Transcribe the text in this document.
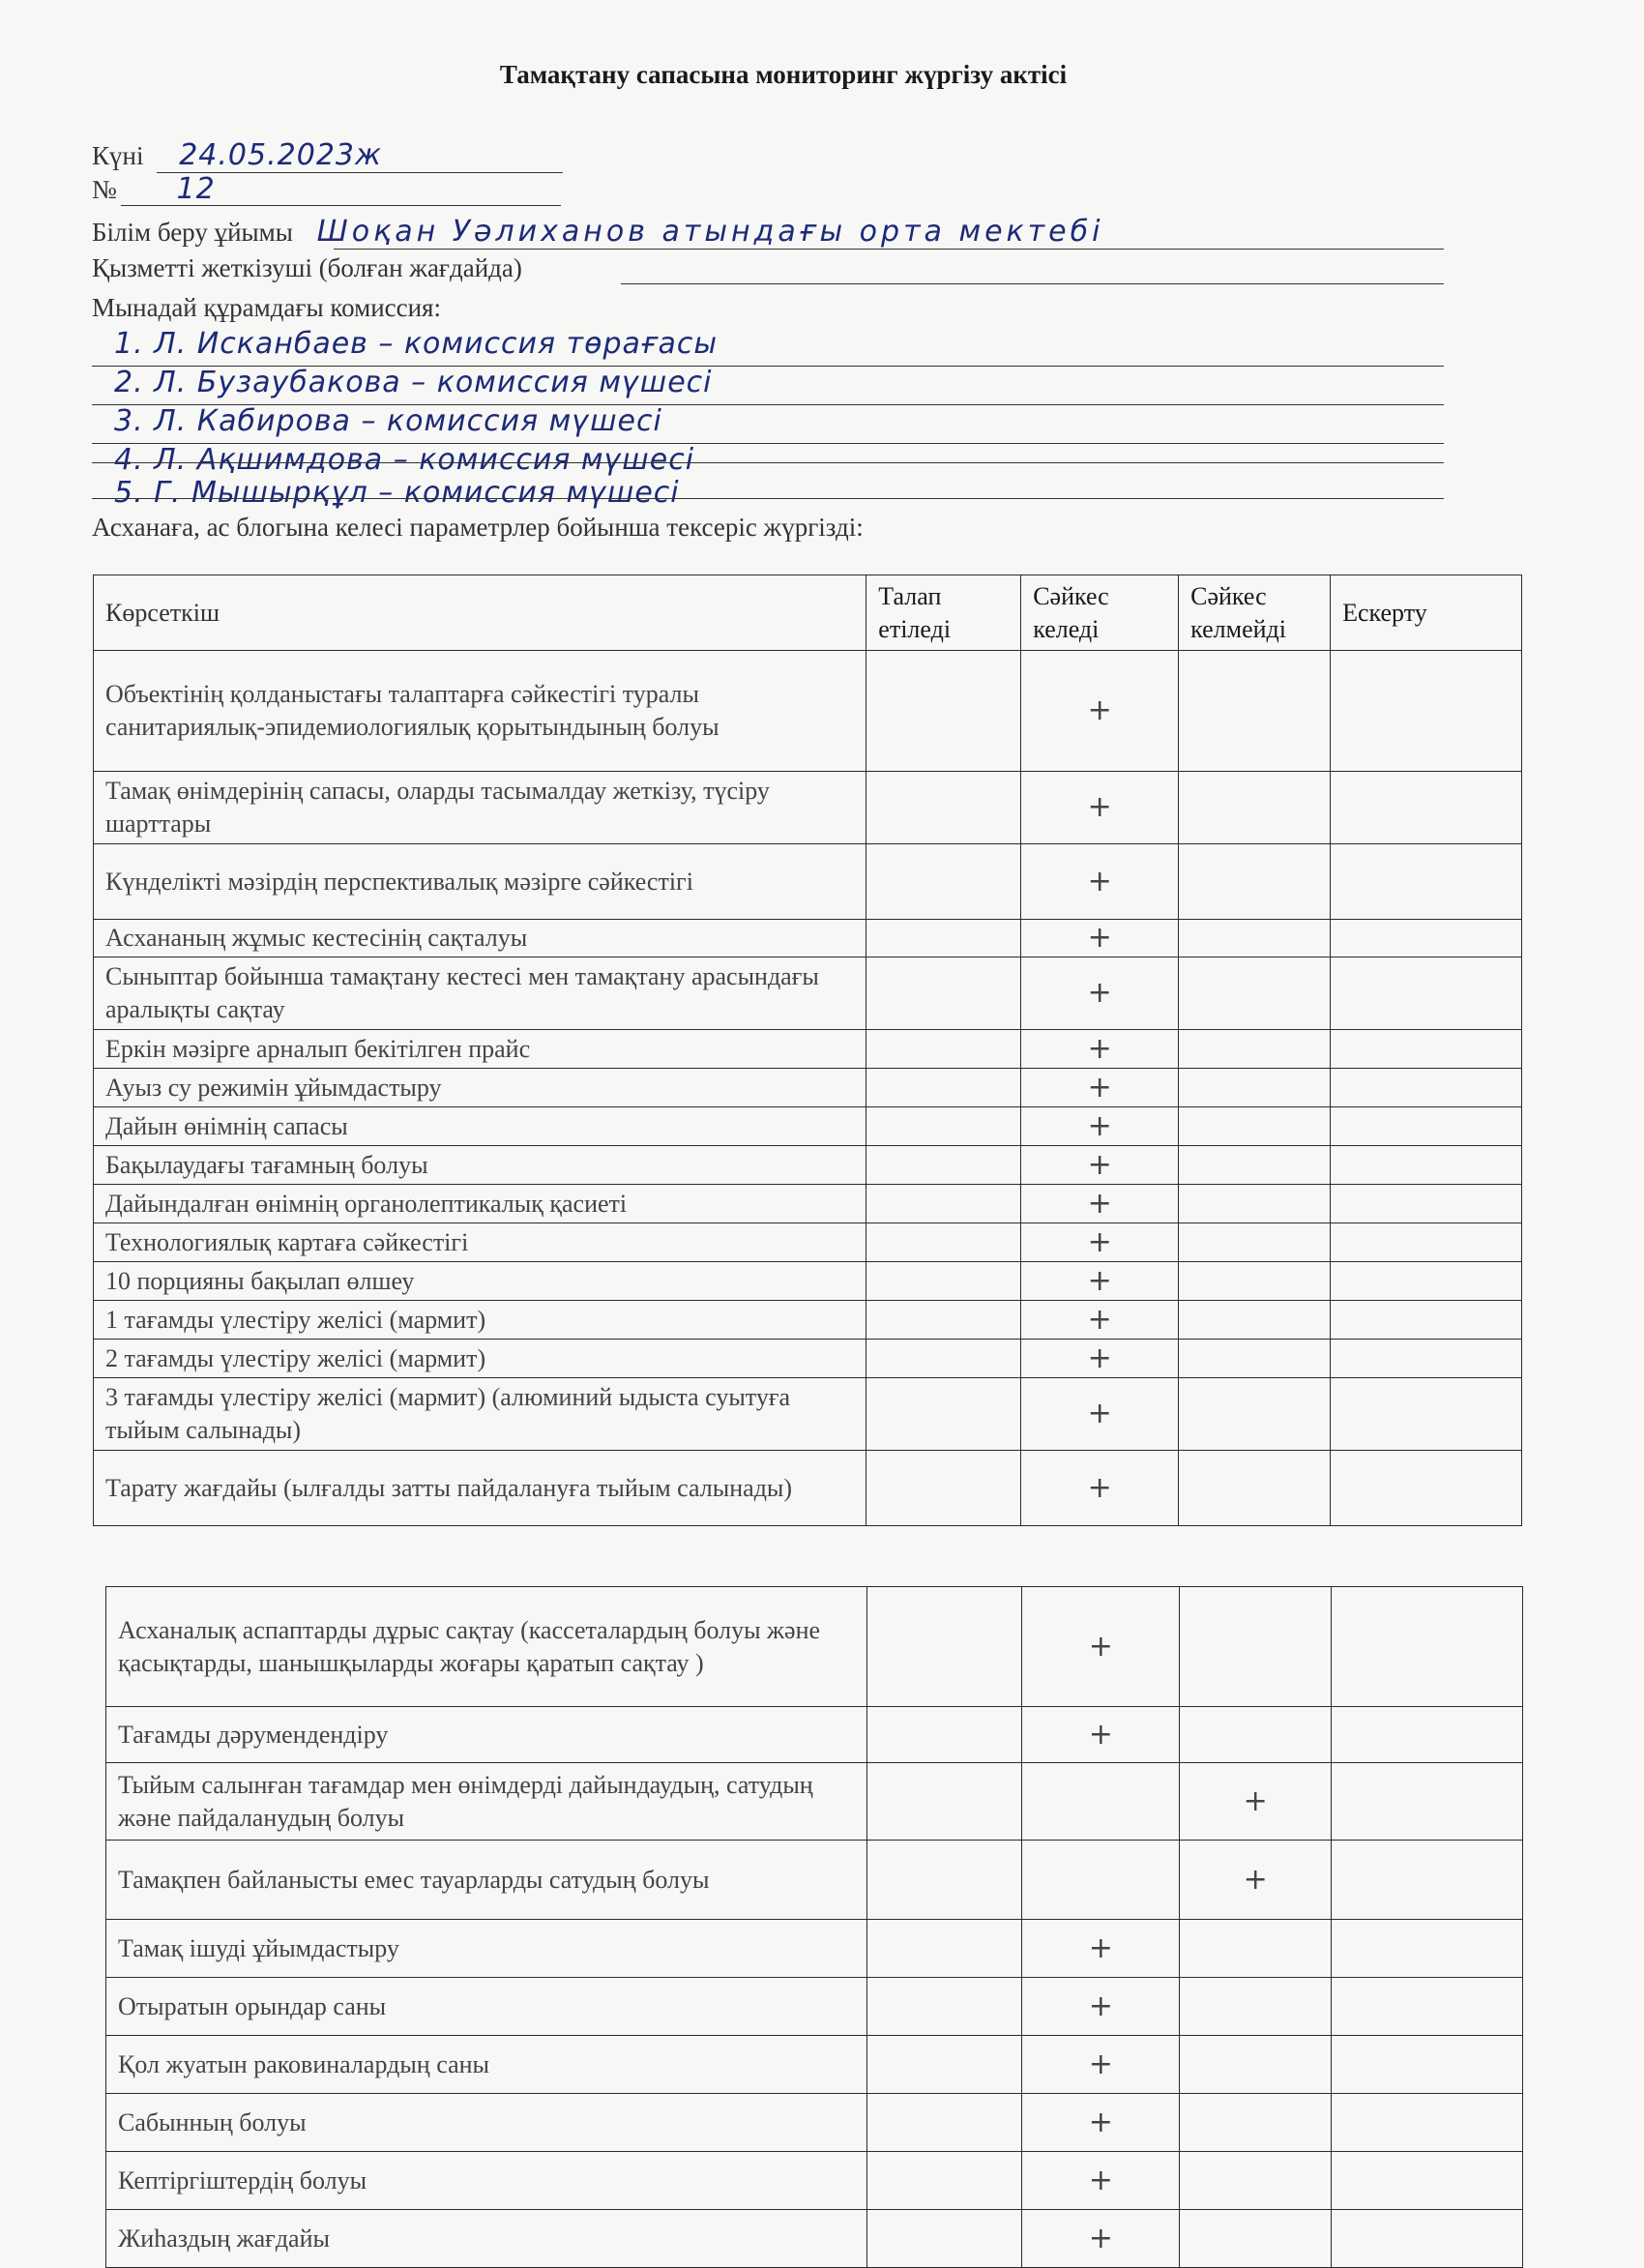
Тамақтану сапасына мониторинг жүргізу актісі
Күні 24.05.2023ж
№ 12
Білім беру ұйымы Шоқан Уәлиханов атындағы орта мектебі
Қызметті жеткізуші (болған жағдайда)
Мынадай құрамдағы комиссия:
1. Л. Исканбаев – комиссия төрағасы
2. Л. Бузаубакова – комиссия мүшесі
3. Л. Кабирова – комиссия мүшесі
4. Л. Ақшимдова – комиссия мүшесі
5. Г. Мышырқұл – комиссия мүшесі
Асханаға, ас блогына келесі параметрлер бойынша тексеріс жүргізді:
Көрсеткіш	Талап етіледі	Сәйкес келеді	Сәйкес келмейді	Ескерту
Объектінің қолданыстағы талаптарға сәйкестігі туралы санитариялық-эпидемиологиялық қорытындының болуы		+		
Тамақ өнімдерінің сапасы, оларды тасымалдау жеткізу, түсіру шарттары		+		
Күнделікті мәзірдің перспективалық мәзірге сәйкестігі		+		
Асхананың жұмыс кестесінің сақталуы		+		
Сыныптар бойынша тамақтану кестесі мен тамақтану арасындағы аралықты сақтау		+		
Еркін мәзірге арналып бекітілген прайс		+		
Ауыз су режимін ұйымдастыру		+		
Дайын өнімнің сапасы		+		
Бақылаудағы тағамның болуы		+		
Дайындалған өнімнің органолептикалық қасиеті		+		
Технологиялық картаға сәйкестігі		+		
10 порцияны бақылап өлшеу		+		
1 тағамды үлестіру желісі (мармит)		+		
2 тағамды үлестіру желісі (мармит)		+		
3 тағамды үлестіру желісі (мармит) (алюминий ыдыста суытуға тыйым салынады)		+		
Тарату жағдайы (ылғалды затты пайдалануға тыйым салынады)		+		
Асханалық аспаптарды дұрыс сақтау (кассеталардың болуы және қасықтарды, шанышқыларды жоғары қаратып сақтау )		+		
Тағамды дәрумендендіру		+		
Тыйым салынған тағамдар мен өнімдерді дайындаудың, сатудың және пайдаланудың болуы			+	
Тамақпен байланысты емес тауарларды сатудың болуы			+	
Тамақ ішуді ұйымдастыру		+		
Отыратын орындар саны		+		
Қол жуатын раковиналардың саны		+		
Сабынның болуы		+		
Кептіргіштердің болуы		+		
Жиһаздың жағдайы		+		
